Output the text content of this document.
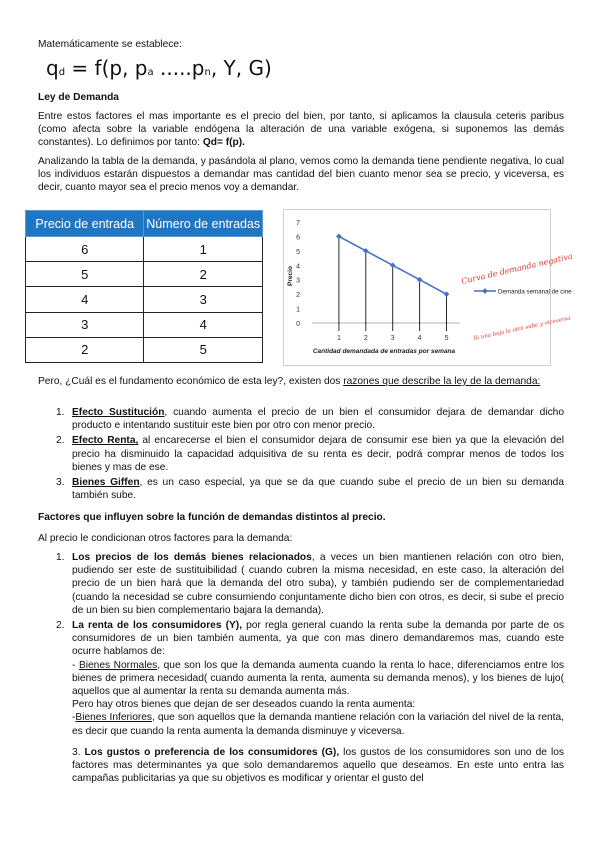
Matemáticamente se establece:

qd = f(p, pa .....pn, Y, G)

Ley de Demanda

Entre estos factores el mas importante es el precio del bien, por tanto, si aplicamos la clausula ceteris paribus (como afecta sobre la variable endógena la alteración de una variable exógena, si suponemos las demás constantes). Lo definimos por tanto: Qd= f(p).

Analizando la tabla de la demanda, y pasándola al plano, vemos como la demanda tiene pendiente negativa, lo cual los individuos estarán dispuestos a demandar mas cantidad del bien cuanto menor sea se precio, y viceversa, es decir, cuanto mayor sea el precio menos voy a demandar.

Precio de entrada	Número de entradas
6	1
5	2
4	3
3	4
2	5
0
1
2
3
4
5
6
7
1	2	3	4	5
Precio
Cantidad demandada de entradas por semana
Demanda semanal de cine
Curva de demanda negativa
Si una baja la otra sube y viceversa

Pero, ¿Cuál es el fundamento económico de esta ley?, existen dos razones que describe la ley de la demanda:

1. Efecto Sustitución, cuando aumenta el precio de un bien el consumidor dejara de demandar dicho producto e intentando sustituir este bien por otro con menor precio.
2. Efecto Renta, al encarecerse el bien el consumidor dejara de consumir ese bien ya que la elevación del precio ha disminuido la capacidad adquisitiva de su renta es decir, podrá comprar menos de todos los bienes y mas de ese.
3. Bienes Giffen, es un caso especial, ya que se da que cuando sube el precio de un bien su demanda también sube.

Factores que influyen sobre la función de demandas distintos al precio.

Al precio le condicionan otros factores para la demanda:

1. Los precios de los demás bienes relacionados, a veces un bien mantienen relación con otro bien, pudiendo ser este de sustituibilidad ( cuando cubren la misma necesidad, en este caso, la alteración del precio de un bien hará que la demanda del otro suba), y también pudiendo ser de complementariedad (cuando la necesidad se cubre consumiendo conjuntamente dicho bien con otros, es decir, si sube el precio de un bien su bien complementario bajara la demanda).
2. La renta de los consumidores (Y), por regla general cuando la renta sube la demanda por parte de os consumidores de un bien también aumenta, ya que con mas dinero demandaremos mas, cuando este ocurre hablamos de:
- Bienes Normales, que son los que la demanda aumenta cuando la renta lo hace, diferenciamos entre los bienes de primera necesidad( cuando aumenta la renta, aumenta su demanda menos), y los bienes de lujo( aquellos que al aumentar la renta su demanda aumenta más.
Pero hay otros bienes que dejan de ser deseados cuando la renta aumenta:
-Bienes Inferiores, que son aquellos que la demanda mantiene relación con la variación del nivel de la renta, es decir que cuando la renta aumenta la demanda disminuye y viceversa.

3. Los gustos o preferencia de los consumidores (G), los gustos de los consumidores son uno de los factores mas determinantes ya que solo demandaremos aquello que deseamos. En este unto entra las campañas publicitarias ya que su objetivos es modificar y orientar el gusto del
